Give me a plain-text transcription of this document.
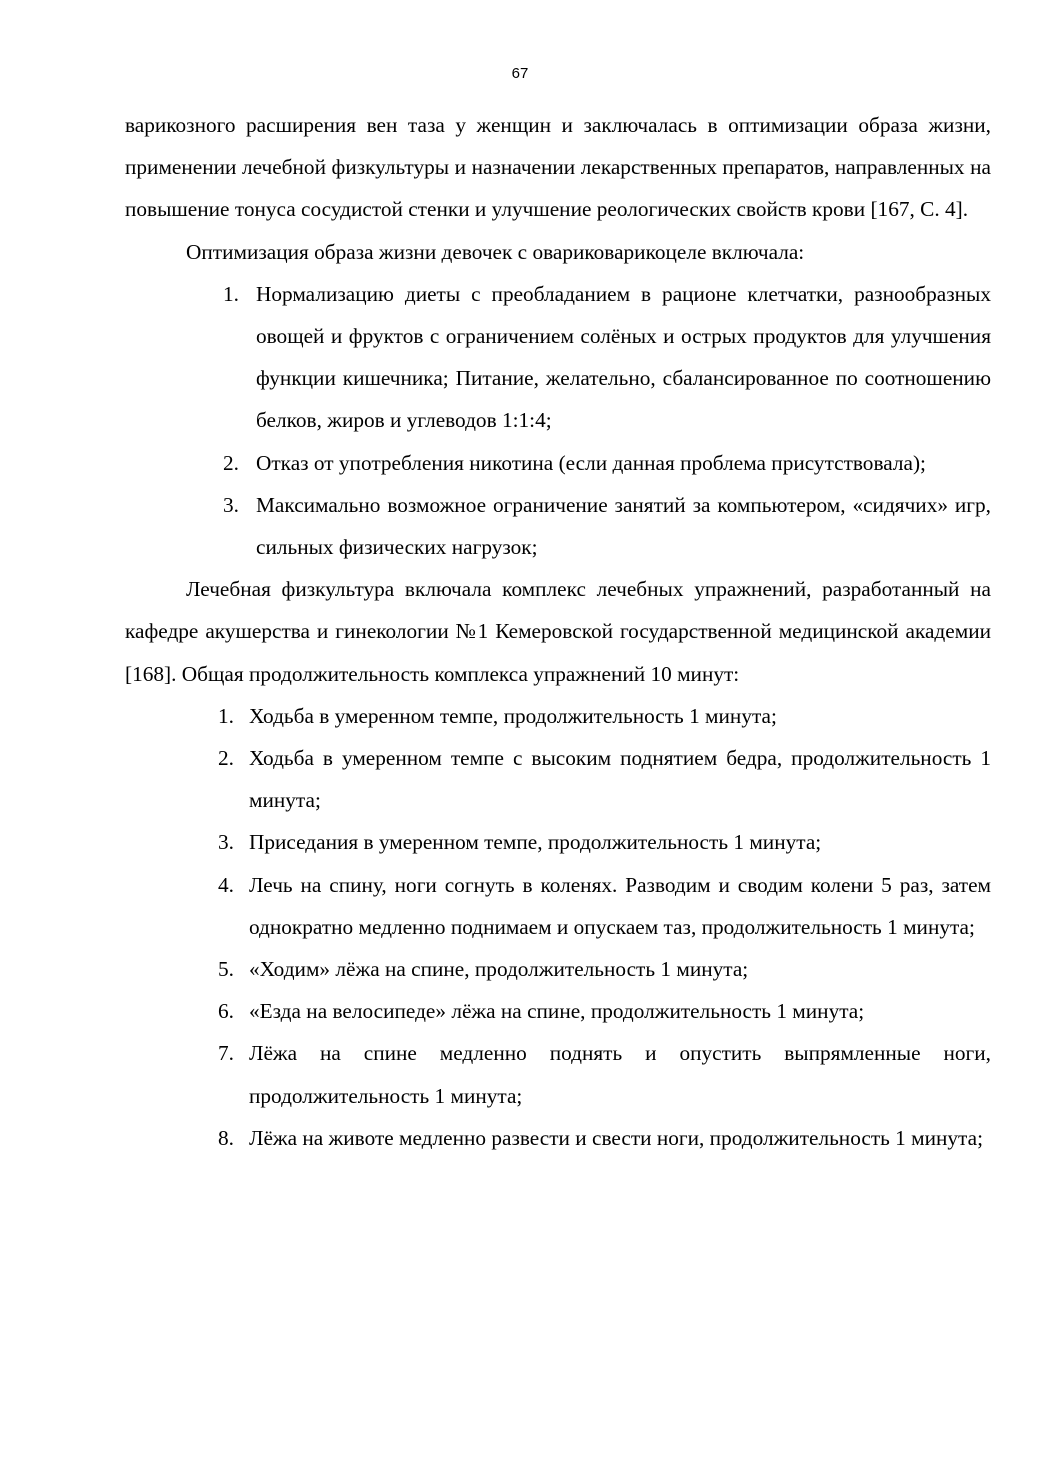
67

варикозного расширения вен таза у женщин и заключалась в оптимизации образа жизни, применении лечебной физкультуры и назначении лекарственных препаратов, направленных на повышение тонуса сосудистой стенки и улучшение реологических свойств крови [167, С. 4].

Оптимизация образа жизни девочек с овариковарикоцеле включала:

1. Нормализацию диеты с преобладанием в рационе клетчатки, разнообразных овощей и фруктов с ограничением солёных и острых продуктов для улучшения функции кишечника; Питание, желательно, сбалансированное по соотношению белков, жиров и углеводов 1:1:4;
2. Отказ от употребления никотина (если данная проблема присутствовала);
3. Максимально возможное ограничение занятий за компьютером, «сидячих» игр, сильных физических нагрузок;

Лечебная физкультура включала комплекс лечебных упражнений, разработанный на кафедре акушерства и гинекологии №1 Кемеровской государственной медицинской академии [168]. Общая продолжительность комплекса упражнений 10 минут:

1. Ходьба в умеренном темпе, продолжительность 1 минута;
2. Ходьба в умеренном темпе с высоким поднятием бедра, продолжительность 1 минута;
3. Приседания в умеренном темпе, продолжительность 1 минута;
4. Лечь на спину, ноги согнуть в коленях. Разводим и сводим колени 5 раз, затем однократно медленно поднимаем и опускаем таз, продолжительность 1 минута;
5. «Ходим» лёжа на спине, продолжительность 1 минута;
6. «Езда на велосипеде» лёжа на спине, продолжительность 1 минута;
7. Лёжа на спине медленно поднять и опустить выпрямленные ноги, продолжительность 1 минута;
8. Лёжа на животе медленно развести и свести ноги, продолжительность 1 минута;
